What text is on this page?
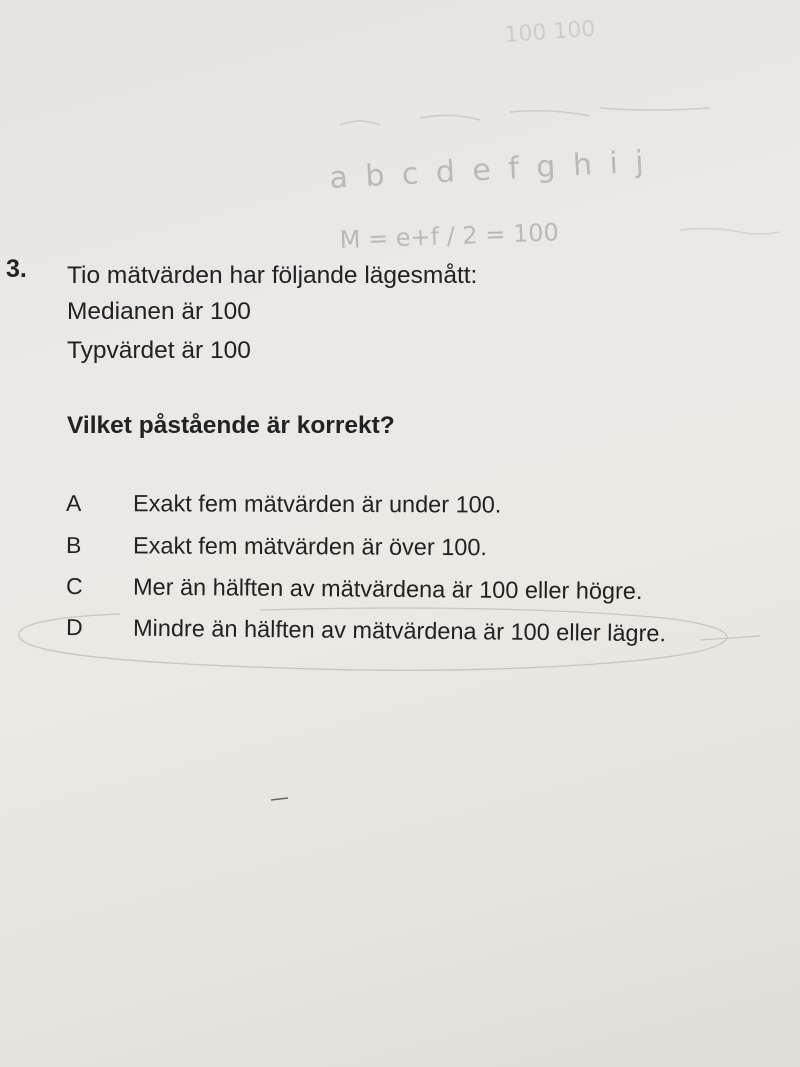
a b c d e f g h i j
M = e+f / 2 = 100
100 100
3. Tio mätvärden har följande lägesmått:
Medianen är 100
Typvärdet är 100
Vilket påstående är korrekt?
A	Exakt fem mätvärden är under 100.
B	Exakt fem mätvärden är över 100.
C	Mer än hälften av mätvärdena är 100 eller högre.
D	Mindre än hälften av mätvärdena är 100 eller lägre.
